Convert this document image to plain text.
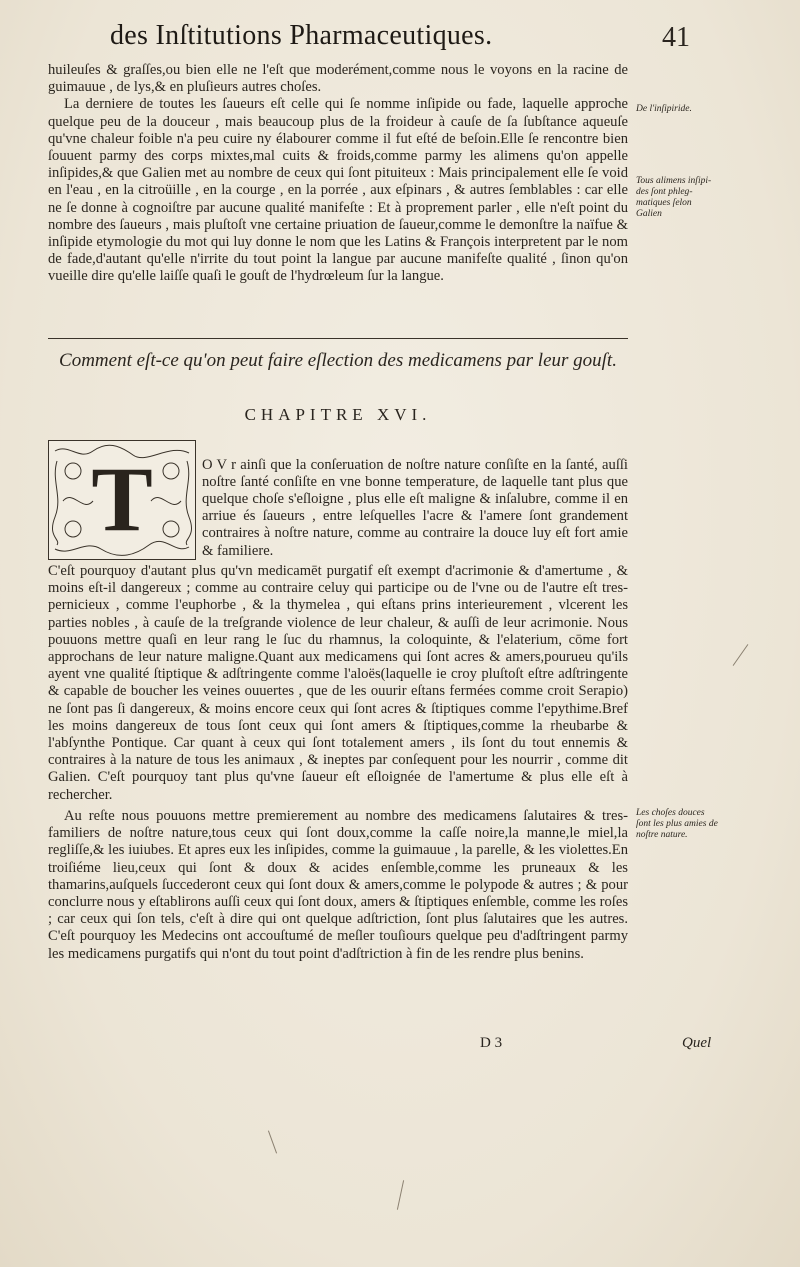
des Inſtitutions Pharmaceutiques.	41

huileuſes & graſſes,ou bien elle ne l'eſt que moderément,comme nous le voyons en la racine de guimauue , de lys,& en pluſieurs autres choſes.

La derniere de toutes les ſaueurs eſt celle qui ſe nomme inſipide ou fade, laquelle approche quelque peu de la douceur , mais beaucoup plus de la froideur à cauſe de ſa ſubſtance aqueuſe qu'vne chaleur foible n'a peu cuire ny élabourer comme il fut eſté de beſoin.Elle ſe rencontre bien ſouuent parmy des corps mixtes,mal cuits & froids,comme parmy les alimens qu'on appelle inſipides,& que Galien met au nombre de ceux qui ſont pituiteux : Mais principalement elle ſe void en l'eau , en la citroüille , en la courge , en la porrée , aux eſpinars , & autres ſemblables : car elle ne ſe donne à cognoiſtre par aucune qualité manifeſte : Et à proprement parler , elle n'eſt point du nombre des ſaueurs , mais pluſtoſt vne certaine priuation de ſaueur,comme le demonſtre la naïfue & inſipide etymologie du mot qui luy donne le nom que les Latins & François interpretent par le nom de fade,d'autant qu'elle n'irrite du tout point la langue par aucune manifeſte qualité , ſinon qu'on vueille dire qu'elle laiſſe quaſi le gouſt de l'hydrœleum ſur la langue.

De l'inſipiride.
Tous alimens inſipides ſont phlegmatiques ſelon Galien
Comment eſt-ce qu'on peut faire eſlection des medicamens par leur gouſt.
CHAPITRE XVI.
T	O V r ainſi que la conſeruation de noſtre nature conſiſte en la ſanté, auſſi noſtre ſanté conſiſte en vne bonne temperature, de laquelle tant plus que quelque choſe s'eſloigne , plus elle eſt maligne & inſalubre, comme il en arriue és ſaueurs , entre leſquelles l'acre & l'amere ſont grandement contraires à noſtre nature, comme au contraire la douce luy eſt fort amie & familiere.

C'eſt pourquoy d'autant plus qu'vn medicamēt purgatif eſt exempt d'acrimonie & d'amertume , & moins eſt-il dangereux ; comme au contraire celuy qui participe ou de l'vne ou de l'autre eſt tres-pernicieux , comme l'euphorbe , & la thymelea , qui eſtans prins interieurement , vlcerent les parties nobles , à cauſe de la treſgrande violence de leur chaleur, & auſſi de leur acrimonie. Nous pouuons mettre quaſi en leur rang le ſuc du rhamnus, la coloquinte, & l'elaterium, cōme fort approchans de leur nature maligne.Quant aux medicamens qui ſont acres & amers,pourueu qu'ils ayent vne qualité ſtiptique & adſtringente comme l'aloës(laquelle ie croy pluſtoſt eſtre adſtringente & capable de boucher les veines ouuertes , que de les ouurir eſtans fermées comme croit Serapio) ne ſont pas ſi dangereux, & moins encore ceux qui ſont acres & ſtiptiques comme l'epythime.Bref les moins dangereux de tous ſont ceux qui ſont amers & ſtiptiques,comme la rheubarbe & l'abſynthe Pontique. Car quant à ceux qui ſont totalement amers , ils ſont du tout ennemis & contraires à la nature de tous les animaux , & ineptes par conſequent pour les nourrir , comme dit Galien. C'eſt pourquoy tant plus qu'vne ſaueur eſt eſloignée de l'amertume & plus elle eſt à rechercher.

Au reſte nous pouuons mettre premierement au nombre des medicamens ſalutaires & tres-familiers de noſtre nature,tous ceux qui ſont doux,comme la caſſe noire,la manne,le miel,la regliſſe,& les iuiubes. Et apres eux les inſipides, comme la guimauue , la parelle, & les violettes.En troiſiéme lieu,ceux qui ſont & doux & acides enſemble,comme les pruneaux & les thamarins,auſquels ſuccederont ceux qui ſont doux & amers,comme le polypode & autres ; & pour conclurre nous y eſtablirons auſſi ceux qui ſont doux, amers & ſtiptiques enſemble, comme les roſes ; car ceux qui ſon tels, c'eſt à dire qui ont quelque adſtriction, ſont plus ſalutaires que les autres. C'eſt pourquoy les Medecins ont accouſtumé de meſler touſiours quelque peu d'adſtringent parmy les medicamens purgatifs qui n'ont du tout point d'adſtriction à fin de les rendre plus benins.

Les choſes douces ſont les plus amies de noſtre nature.
D 3	Quel
